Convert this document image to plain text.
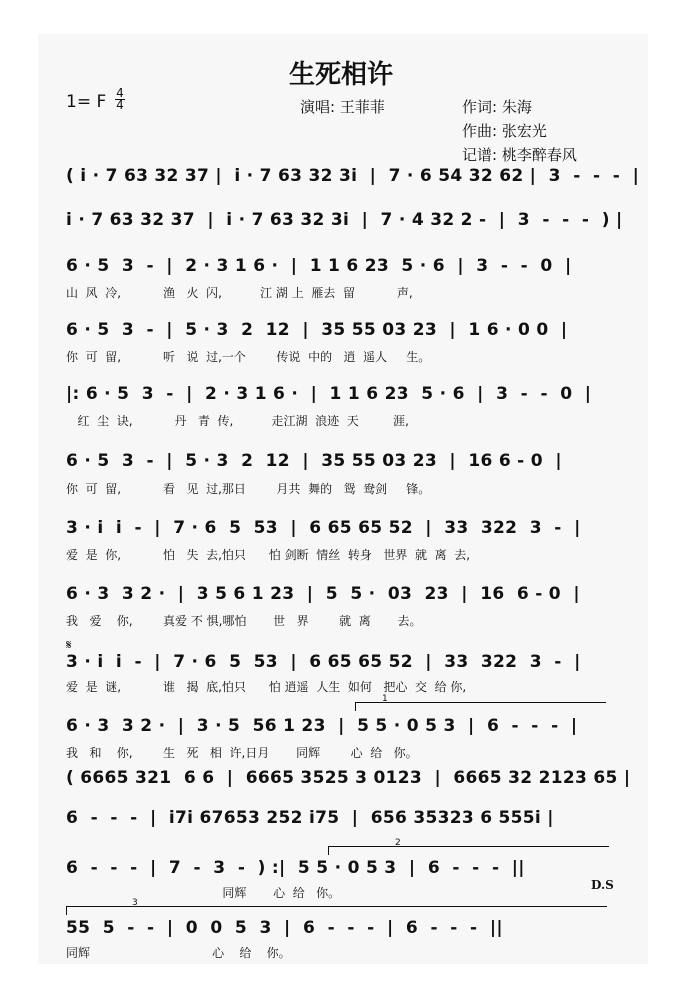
生死相许
1= F 4
4	演唱: 王菲菲	作词: 朱海
作曲: 张宏光
记谱: 桃李醉春风
( i · 7 63 32 37 |  i · 7 63 32 3i  |  7 · 6 54 32 62 |  3  -  -  -  |
i · 7 63 32 37  |  i · 7 63 32 3i  |  7 · 4 32 2 -  |  3  -  -  -  ) |
6 · 5  3  -  |  2 · 3 1 6 ·  |  1 1 6 23  5 · 6  |  3  -  -  0  |
山  风  冷,           渔   火  闪,          江 湖 上  雁去  留           声,
6 · 5  3  -  |  5 · 3  2  12  |  35 55 03 23  |  1 6 · 0 0  |
你  可  留,           听   说  过,一个        传说  中的   逍  遥人     生。
|: 6 · 5  3  -  |  2 · 3 1 6 ·  |  1 1 6 23  5 · 6  |  3  -  -  0  |
红  尘  诀,           丹   青  传,          走江湖  浪迹  天         涯,
6 · 5  3  -  |  5 · 3  2  12  |  35 55 03 23  |  16 6 - 0  |
你  可  留,           看   见  过,那日        月共  舞的   鸳  鸯剑     锋。
3 · i  i  -  |  7 · 6  5  53  |  6 65 65 52  |  33  322  3  -  |
爱  是  你,           怕   失  去,怕只      怕 剑断  情丝  转身   世界  就  离  去,
6 · 3  3 2 ·  |  3 5 6 1 23  |  5  5 ·  03  23  |  16  6 - 0  |
我   爱    你,        真爱 不 惧,哪怕       世   界        就  离       去。
𝄋
3 · i  i  -  |  7 · 6  5  53  |  6 65 65 52  |  33  322  3  -  |
爱  是  谜,           谁   揭  底,怕只      怕 逍遥  人生  如何   把心  交  给 你,
1
6 · 3  3 2 ·  |  3 · 5  56 1 23  |  5 5 · 0 5 3  |  6  -  -  -  |
我   和    你,        生   死   相  许,日月       同辉        心  给   你。
( 6665 321  6 6  |  6665 3525 3 0123  |  6665 32 2123 65 |
6  -  -  -  |  i7i 67653 252 i75  |  656 35323 6 555i |
2
6  -  -  -  |  7  -  3  -  ) :|  5 5 · 0 5 3  |  6  -  -  -  ||
同辉       心  给   你。
D.S
3
55  5  -  -  |  0  0  5  3  |  6  -  -  -  |  6  -  -  -  ||
同辉                                心    给    你。
